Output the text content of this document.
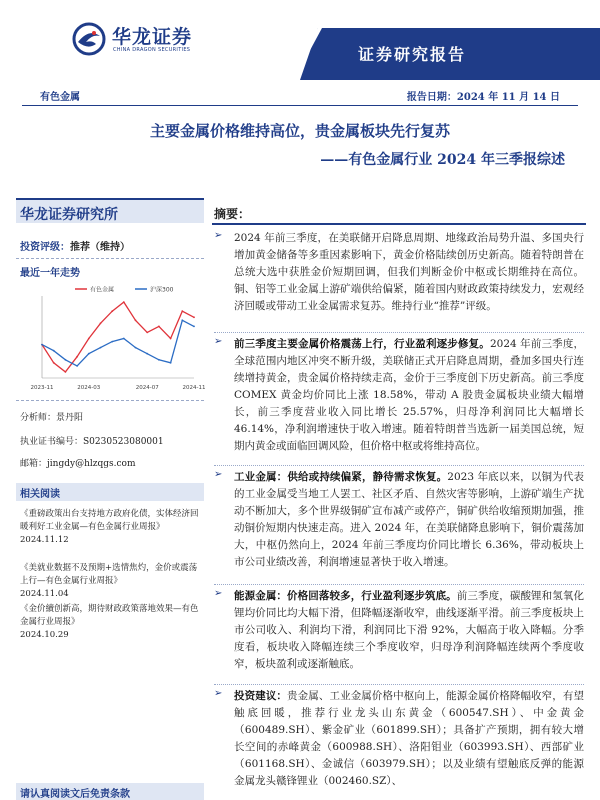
证券研究报告
华龙证券
CHINA DRAGON SECURITIES
有色金属	报告日期：2024 年 11 月 14 日
主要金属价格维持高位，贵金属板块先行复苏
——有色金属行业 2024 年三季报综述
华龙证券研究所
投资评级：推荐（维持）
最近一年走势
有色金属	沪深300
2023-11	2024-03	2024-07	2024-11
分析师：景丹阳
执业证书编号：S0230523080001
邮箱：jingdy@hlzqgs.com
相关阅读
《重磅政策出台支持地方政府化债，实体经济回暖利好工业金属—有色金属行业周报》
2024.11.12
《美就业数据不及预期+选情焦灼，金价或震荡上行—有色金属行业周报》
2024.11.04
《金价續创新高，期待财政政策落地效果—有色金属行业周报》
2024.10.29
请认真阅读文后免责条款
摘要：
➢ 2024 年前三季度，在美联储开启降息周期、地缘政治局势升温、多国央行增加黄金储备等多重因素影响下，黄金价格陆续创历史新高。随着特朗普在总统大选中获胜金价短期回调，但我们判断金价中枢或长期维持在高位。铜、铝等工业金属上游矿端供给偏紧，随着国内财政政策持续发力，宏观经济回暖或带动工业金属需求复苏。维持行业“推荐”评级。
➢ 前三季度主要金属价格震荡上行，行业盈利逐步修复。2024 年前三季度，全球范围内地区冲突不断升级，美联储正式开启降息周期，叠加多国央行连续增持黄金，贵金属价格持续走高，金价于三季度创下历史新高。前三季度 COMEX 黄金均价同比上涨 18.58%，带动 A 股贵金属板块业绩大幅增长，前三季度营业收入同比增长 25.57%，归母净利润同比大幅增长 46.14%，净利润增速快于收入增速。随着特朗普当选新一届美国总统，短期内黄金或面临回调风险，但价格中枢或将维持高位。
➢ 工业金属：供给或持续偏紧，静待需求恢复。2023 年底以来，以铜为代表的工业金属受当地工人罢工、社区矛盾、自然灾害等影响，上游矿端生产扰动不断加大，多个世界级铜矿宣布减产或停产，铜矿供给收缩预期加强，推动铜价短期内快速走高。进入 2024 年，在美联储降息影响下，铜价震荡加大，中枢仍然向上，2024 年前三季度均价同比增长 6.36%，带动板块上市公司业绩改善，利润增速显著快于收入增速。
➢ 能源金属：价格回落较多，行业盈利逐步筑底。前三季度，碳酸锂和氢氧化锂均价同比均大幅下滑，但降幅逐渐收窄，曲线逐渐平滑。前三季度板块上市公司收入、利润均下滑，利润同比下滑 92%，大幅高于收入降幅。分季度看，板块收入降幅连续三个季度收窄，归母净利润降幅连续两个季度收窄，板块盈利或逐渐触底。
➢ 投资建议：贵金属、工业金属价格中枢向上，能源金属价格降幅收窄，有望触底回暖，推荐行业龙头山东黄金（600547.SH）、中金黄金（600489.SH）、紫金矿业（601899.SH）；具备扩产预期，拥有较大增长空间的赤峰黄金（600988.SH）、洛阳钼业（603993.SH）、西部矿业（601168.SH）、金诚信（603979.SH）；以及业绩有望触底反弹的能源金属龙头赣锋锂业（002460.SZ）、
